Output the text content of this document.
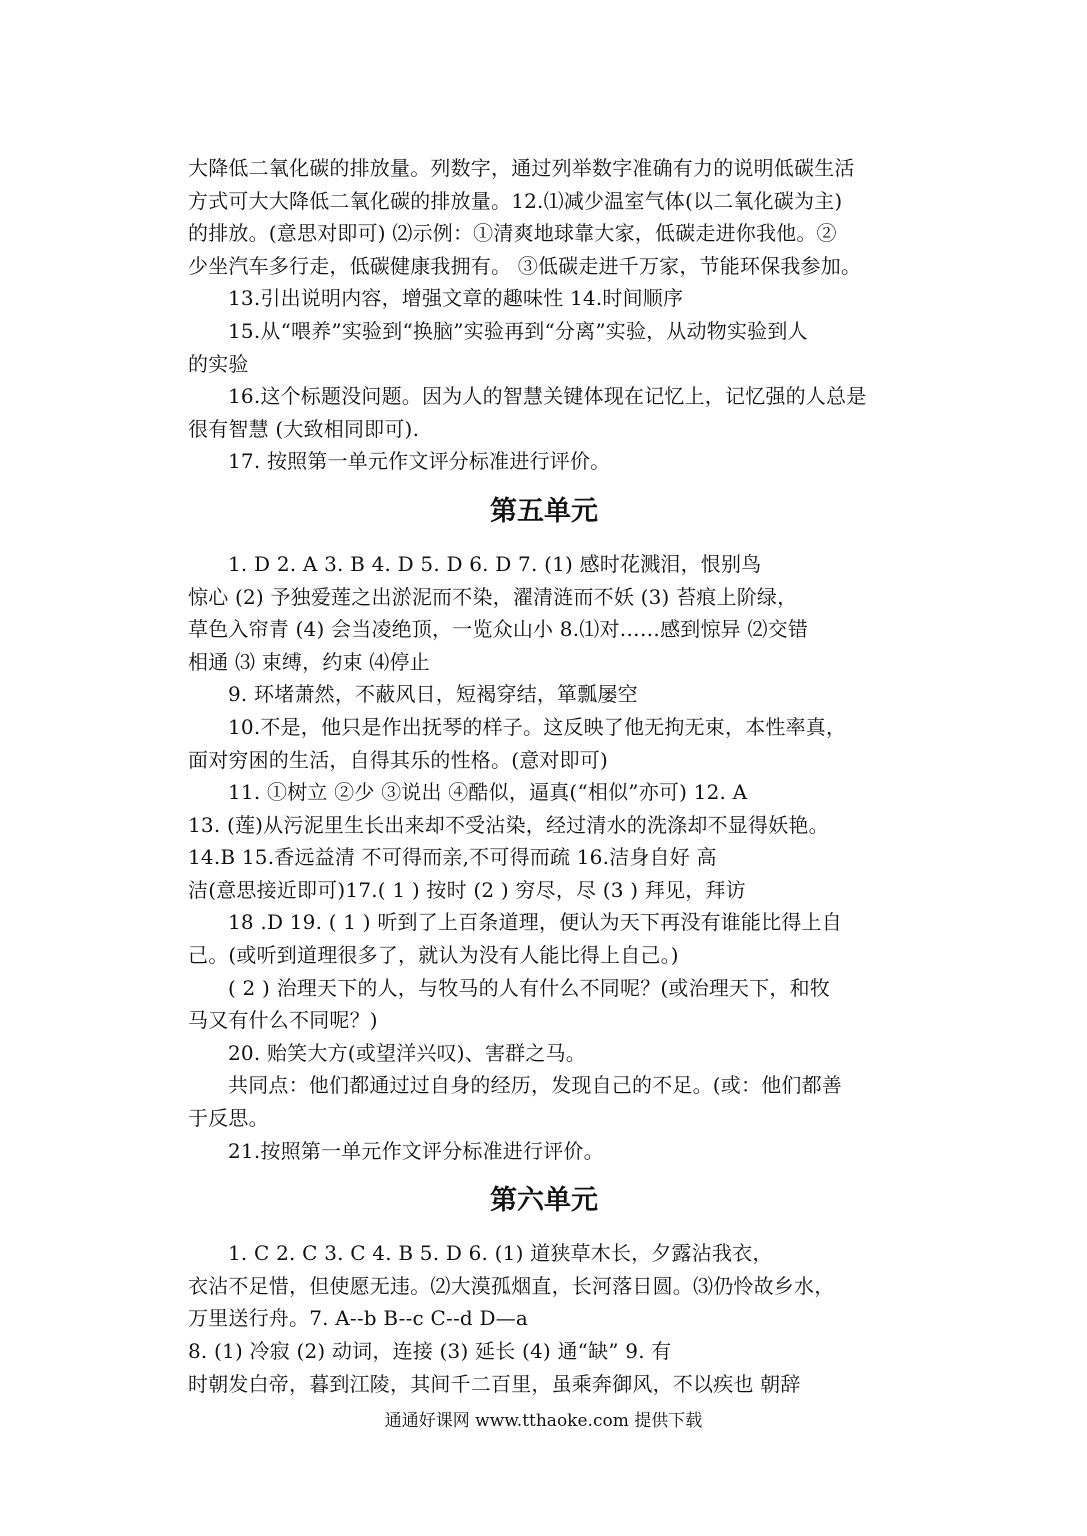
大降低二氧化碳的排放量。列数字，通过列举数字准确有力的说明低碳生活
方式可大大降低二氧化碳的排放量。12.⑴减少温室气体(以二氧化碳为主)
的排放。(意思对即可) ⑵示例：①清爽地球靠大家，低碳走进你我他。②
少坐汽车多行走，低碳健康我拥有。 ③低碳走进千万家，节能环保我参加。
13.引出说明内容，增强文章的趣味性 14.时间顺序
15.从“喂养”实验到“换脑”实验再到“分离”实验，从动物实验到人
的实验
16.这个标题没问题。因为人的智慧关键体现在记忆上，记忆强的人总是
很有智慧 (大致相同即可).
17. 按照第一单元作文评分标准进行评价。
第五单元
1. D 2. A 3. B 4. D 5. D 6. D 7. (1) 感时花溅泪，恨别鸟
惊心 (2) 予独爱莲之出淤泥而不染，濯清涟而不妖 (3) 苔痕上阶绿，
草色入帘青 (4) 会当凌绝顶，一览众山小 8.⑴对……感到惊异 ⑵交错
相通 ⑶ 束缚，约束 ⑷停止
9. 环堵萧然，不蔽风日，短褐穿结，箪瓢屡空
10.不是，他只是作出抚琴的样子。这反映了他无拘无束，本性率真，
面对穷困的生活，自得其乐的性格。(意对即可)
11. ①树立 ②少 ③说出 ④酷似，逼真(“相似”亦可) 12. A
13. (莲)从污泥里生长出来却不受沾染，经过清水的洗涤却不显得妖艳。
14.B 15.香远益清 不可得而亲,不可得而疏 16.洁身自好 高
洁(意思接近即可)17.( 1 ) 按时 (2 ) 穷尽，尽 (3 ) 拜见，拜访
18 .D 19. ( 1 ) 听到了上百条道理，便认为天下再没有谁能比得上自
己。(或听到道理很多了，就认为没有人能比得上自己。)
( 2 ) 治理天下的人，与牧马的人有什么不同呢？(或治理天下，和牧
马又有什么不同呢？)
20. 贻笑大方(或望洋兴叹)、害群之马。
共同点：他们都通过过自身的经历，发现自己的不足。(或：他们都善
于反思。
21.按照第一单元作文评分标准进行评价。
第六单元
1. C 2. C 3. C 4. B 5. D 6. (1) 道狭草木长，夕露沾我衣，
衣沾不足惜，但使愿无违。⑵大漠孤烟直，长河落日圆。⑶仍怜故乡水，
万里送行舟。7. A--b B--c C--d D—a
8. (1) 冷寂 (2) 动词，连接 (3) 延长 (4) 通“缺” 9. 有
时朝发白帝，暮到江陵，其间千二百里，虽乘奔御风，不以疾也 朝辞
通通好课网 www.tthaoke.com 提供下载
